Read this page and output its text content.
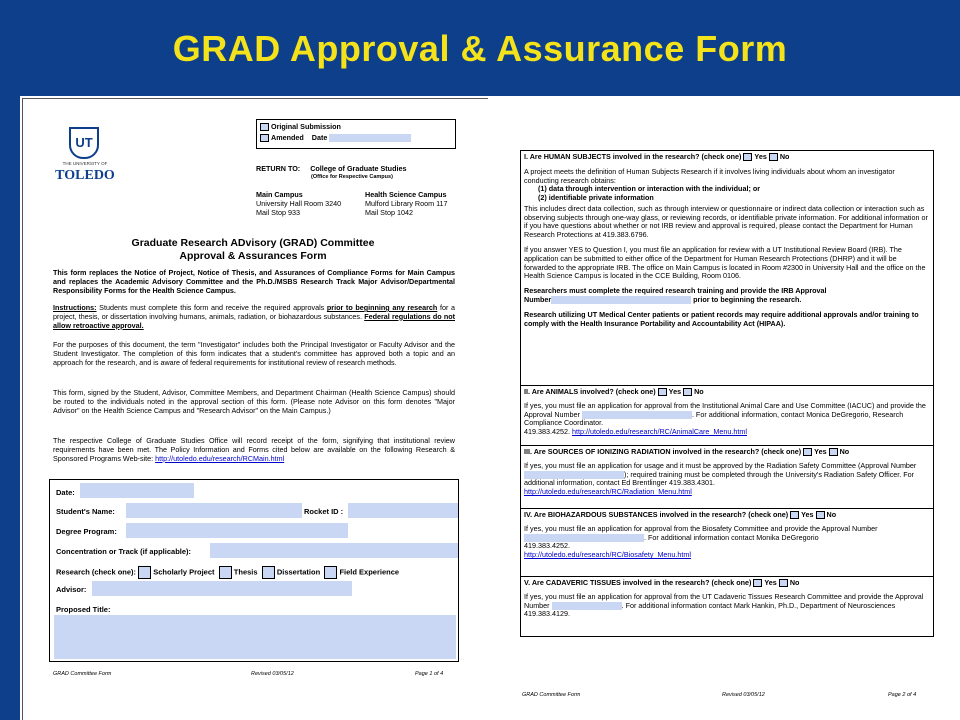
GRAD Approval & Assurance Form
UT
THE UNIVERSITY OF
TOLEDO
Original Submission
Amended Date
RETURN TO: College of Graduate Studies
(Office for Respective Campus)
Main Campus
University Hall Room 3240
Mail Stop 933
Health Science Campus
Mulford Library Room 117
Mail Stop 1042
Graduate Research ADvisory (GRAD) Committee
Approval & Assurances Form
This form replaces the Notice of Project, Notice of Thesis, and Assurances of Compliance Forms for Main Campus and replaces the Academic Advisory Committee and the Ph.D./MSBS Research Track Major Advisor/Departmental Responsibility Forms for the Health Science Campus.
Instructions: Students must complete this form and receive the required approvals prior to beginning any research for a project, thesis, or dissertation involving humans, animals, radiation, or biohazardous substances. Federal regulations do not allow retroactive approval.
For the purposes of this document, the term "Investigator" includes both the Principal Investigator or Faculty Advisor and the Student Investigator. The completion of this form indicates that a student's committee has approved both a topic and an approach for the research, and is aware of federal requirements for institutional review of research methods.
This form, signed by the Student, Advisor, Committee Members, and Department Chairman (Health Science Campus) should be routed to the individuals noted in the approval section of this form. (Please note Advisor on this form denotes "Major Advisor" on the Health Science Campus and "Research Advisor" on the Main Campus.)
The respective College of Graduate Studies Office will record receipt of the form, signifying that institutional review requirements have been met. The Policy Information and Forms cited below are available on the following Research & Sponsored Programs Web-site: http://utoledo.edu/research/RCMain.html
Date:
Student's Name:	Rocket ID :
Degree Program:
Concentration or Track (if applicable):
Research (check one): Scholarly Project	Thesis	Dissertation	Field Experience
Advisor:
Proposed Title:
GRAD Committee Form	Revised 03/05/12	Page 1 of 4
I. Are HUMAN SUBJECTS involved in the research? (check one) Yes No
A project meets the definition of Human Subjects Research if it involves living individuals about whom an investigator conducting research obtains:
(1) data through intervention or interaction with the individual; or
(2) identifiable private information
This includes direct data collection, such as through interview or questionnaire or indirect data collection or interaction such as observing subjects through one-way glass, or reviewing records, or identifiable private information. For additional information or if you have questions about whether or not IRB review and approval is required, please contact the Department for Human Research Protections at 419.383.6796.
If you answer YES to Question I, you must file an application for review with a UT Institutional Review Board (IRB). The application can be submitted to either office of the Department for Human Research Protections (DHRP) and it will be forwarded to the appropriate IRB. The office on Main Campus is located in Room #2300 in University Hall and the office on the Health Science Campus is located in the CCE Building, Room 0106.
Researchers must complete the required research training and provide the IRB Approval
Number	prior to beginning the research.
Research utilizing UT Medical Center patients or patient records may require additional approvals and/or training to comply with the Health Insurance Portability and Accountability Act (HIPAA).
II. Are ANIMALS involved? (check one) Yes No
If yes, you must file an application for approval from the Institutional Animal Care and Use Committee (IACUC) and provide the Approval Number	. For additional information, contact Monica DeGregorio, Research Compliance Coordinator.
419.383.4252. http://utoledo.edu/research/RC/AnimalCare_Menu.html
III. Are SOURCES OF IONIZING RADIATION involved in the research? (check one) Yes No
If yes, you must file an application for usage and it must be approved by the Radiation Safety Committee (Approval Number ); required training must be completed through the University's Radiation Safety Officer. For additional information, contact Ed Brentlinger 419.383.4301.
http://utoledo.edu/research/RC/Radiation_Menu.html
IV. Are BIOHAZARDOUS SUBSTANCES involved in the research? (check one) Yes No
If yes, you must file an application for approval from the Biosafety Committee and provide the Approval Number . For additional information contact Monika DeGregorio
419.383.4252.
http://utoledo.edu/research/RC/Biosafety_Menu.html
V. Are CADAVERIC TISSUES involved in the research? (check one) Yes No
If yes, you must file an application for approval from the UT Cadaveric Tissues Research Committee and provide the Approval Number	. For additional information contact Mark Hankin, Ph.D., Department of Neurosciences 419.383.4129.
GRAD Committee Form	Revised 03/05/12	Page 2 of 4
